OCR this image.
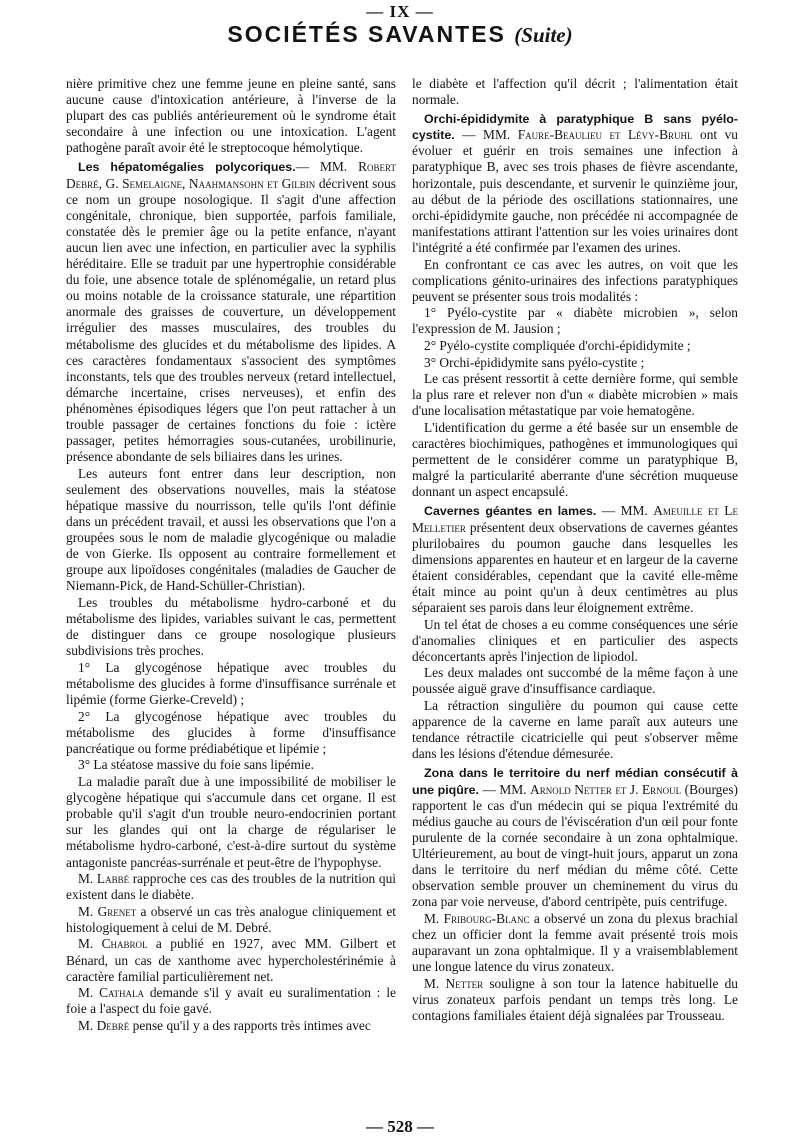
— IX —
SOCIÉTÉS SAVANTES (Suite)

nière primitive chez une femme jeune en pleine santé, sans aucune cause d'intoxication antérieure, à l'inverse de la plupart des cas publiés antérieurement où le syndrome était secondaire à une infection ou une intoxication. L'agent pathogène paraît avoir été le streptocoque hémolytique.

Les hépatomégalies polycoriques.— MM. Robert Debré, G. Semelaigne, Naahmansohn et Gilbin décrivent sous ce nom un groupe nosologique. Il s'agit d'une affection congénitale, chronique, bien supportée, parfois familiale, constatée dès le premier âge ou la petite enfance, n'ayant aucun lien avec une infection, en particulier avec la syphilis héréditaire. Elle se traduit par une hypertrophie considérable du foie, une absence totale de splénomégalie, un retard plus ou moins notable de la croissance staturale, une répartition anormale des graisses de couverture, un développement irrégulier des masses musculaires, des troubles du métabolisme des glucides et du métabolisme des lipides. A ces caractères fondamentaux s'associent des symptômes inconstants, tels que des troubles nerveux (retard intellectuel, démarche incertaine, crises nerveuses), et enfin des phénomènes épisodiques légers que l'on peut rattacher à un trouble passager de certaines fonctions du foie : ictère passager, petites hémorragies sous-cutanées, urobilinurie, présence abondante de sels biliaires dans les urines.

Les auteurs font entrer dans leur description, non seulement des observations nouvelles, mais la stéatose hépatique massive du nourrisson, telle qu'ils l'ont définie dans un précédent travail, et aussi les observations que l'on a groupées sous le nom de maladie glycogénique ou maladie de von Gierke. Ils opposent au contraire formellement et groupe aux lipoïdoses congénitales (maladies de Gaucher de Niemann-Pick, de Hand-Schüller-Christian).

Les troubles du métabolisme hydro-carboné et du métabolisme des lipides, variables suivant le cas, permettent de distinguer dans ce groupe nosologique plusieurs subdivisions très proches.

1° La glycogénose hépatique avec troubles du métabolisme des glucides à forme d'insuffisance surrénale et lipémie (forme Gierke-Creveld) ;

2° La glycogénose hépatique avec troubles du métabolisme des glucides à forme d'insuffisance pancréatique ou forme prédiabétique et lipémie ;

3° La stéatose massive du foie sans lipémie.

La maladie paraît due à une impossibilité de mobiliser le glycogène hépatique qui s'accumule dans cet organe. Il est probable qu'il s'agit d'un trouble neuro-endocrinien portant sur les glandes qui ont la charge de régulariser le métabolisme hydro-carboné, c'est-à-dire surtout du système antagoniste pancréas-surrénale et peut-être de l'hypophyse.

M. Labbé rapproche ces cas des troubles de la nutrition qui existent dans le diabète.

M. Grenet a observé un cas très analogue cliniquement et histologiquement à celui de M. Debré.

M. Chabrol a publié en 1927, avec MM. Gilbert et Bénard, un cas de xanthome avec hypercholestérinémie à caractère familial particulièrement net.

M. Cathala demande s'il y avait eu suralimentation : le foie a l'aspect du foie gavé.

M. Debré pense qu'il y a des rapports très intimes avec

le diabète et l'affection qu'il décrit ; l'alimentation était normale.

Orchi-épididymite à paratyphique B sans pyélo-cystite. — MM. Faure-Beaulieu et Lévy-Bruhl ont vu évoluer et guérir en trois semaines une infection à paratyphique B, avec ses trois phases de fièvre ascendante, horizontale, puis descendante, et survenir le quinzième jour, au début de la période des oscillations stationnaires, une orchi-épididymite gauche, non précédée ni accompagnée de manifestations attirant l'attention sur les voies urinaires dont l'intégrité a été confirmée par l'examen des urines.

En confrontant ce cas avec les autres, on voit que les complications génito-urinaires des infections paratyphiques peuvent se présenter sous trois modalités :

1° Pyélo-cystite par « diabète microbien », selon l'expression de M. Jausion ;

2° Pyélo-cystite compliquée d'orchi-épididymite ;

3° Orchi-épididymite sans pyélo-cystite ;

Le cas présent ressortit à cette dernière forme, qui semble la plus rare et relever non d'un « diabète microbien » mais d'une localisation métastatique par voie hematogène.

L'identification du germe a été basée sur un ensemble de caractères biochimiques, pathogènes et immunologiques qui permettent de le considérer comme un paratyphique B, malgré la particularité aberrante d'une sécrétion muqueuse donnant un aspect encapsulé.

Cavernes géantes en lames. — MM. Ameuille et Le Melletier présentent deux observations de cavernes géantes plurilobaires du poumon gauche dans lesquelles les dimensions apparentes en hauteur et en largeur de la caverne étaient considérables, cependant que la cavité elle-même était mince au point qu'un à deux centimètres au plus séparaient ses parois dans leur éloignement extrême.

Un tel état de choses a eu comme conséquences une série d'anomalies cliniques et en particulier des aspects déconcertants après l'injection de lipiodol.

Les deux malades ont succombé de la même façon à une poussée aiguë grave d'insuffisance cardiaque.

La rétraction singulière du poumon qui cause cette apparence de la caverne en lame paraît aux auteurs une tendance rétractile cicatricielle qui peut s'observer même dans les lésions d'étendue démesurée.

Zona dans le territoire du nerf médian consécutif à une piqûre. — MM. Arnold Netter et J. Ernoul (Bourges) rapportent le cas d'un médecin qui se piqua l'extrémité du médius gauche au cours de l'éviscération d'un œil pour fonte purulente de la cornée secondaire à un zona ophtalmique. Ultérieurement, au bout de vingt-huit jours, apparut un zona dans le territoire du nerf médian du même côté. Cette observation semble prouver un cheminement du virus du zona par voie nerveuse, d'abord centripète, puis centrifuge.

M. Fribourg-Blanc a observé un zona du plexus brachial chez un officier dont la femme avait présenté trois mois auparavant un zona ophtalmique. Il y a vraisemblablement une longue latence du virus zonateux.

M. Netter souligne à son tour la latence habituelle du virus zonateux parfois pendant un temps très long. Le contagions familiales étaient déjà signalées par Trousseau.

— 528 —
